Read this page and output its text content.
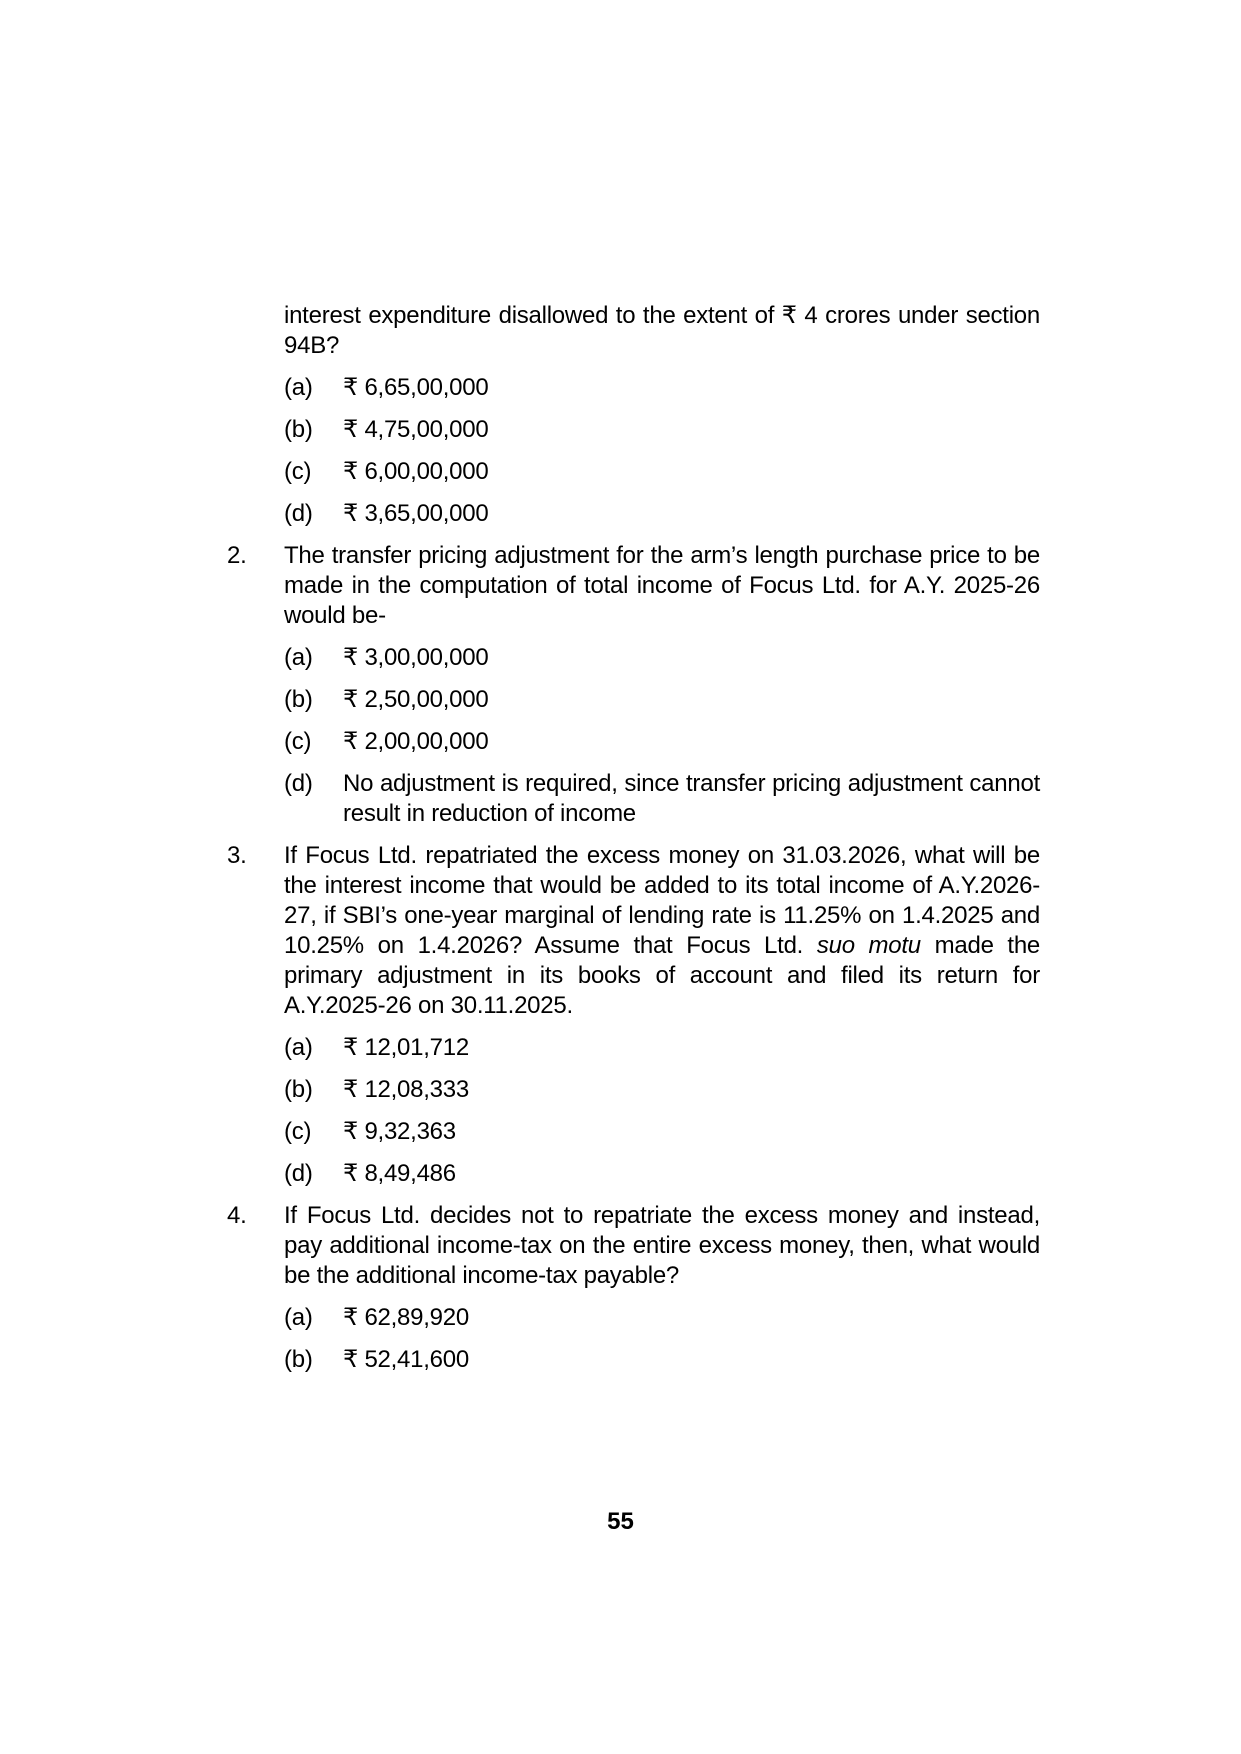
interest expenditure disallowed to the extent of ₹ 4 crores under section 94B?
(a)	₹ 6,65,00,000
(b)	₹ 4,75,00,000
(c)	₹ 6,00,00,000
(d)	₹ 3,65,00,000
2.	The transfer pricing adjustment for the arm’s length purchase price to be made in the computation of total income of Focus Ltd. for A.Y. 2025-26 would be-
(a)	₹ 3,00,00,000
(b)	₹ 2,50,00,000
(c)	₹ 2,00,00,000
(d)	No adjustment is required, since transfer pricing adjustment cannot result in reduction of income
3.	If Focus Ltd. repatriated the excess money on 31.03.2026, what will be the interest income that would be added to its total income of A.Y.2026-27, if SBI’s one-year marginal of lending rate is 11.25% on 1.4.2025 and 10.25% on 1.4.2026? Assume that Focus Ltd. suo motu made the primary adjustment in its books of account and filed its return for A.Y.2025-26 on 30.11.2025.
(a)	₹ 12,01,712
(b)	₹ 12,08,333
(c)	₹ 9,32,363
(d)	₹ 8,49,486
4.	If Focus Ltd. decides not to repatriate the excess money and instead, pay additional income-tax on the entire excess money, then, what would be the additional income-tax payable?
(a)	₹ 62,89,920
(b)	₹ 52,41,600
55
